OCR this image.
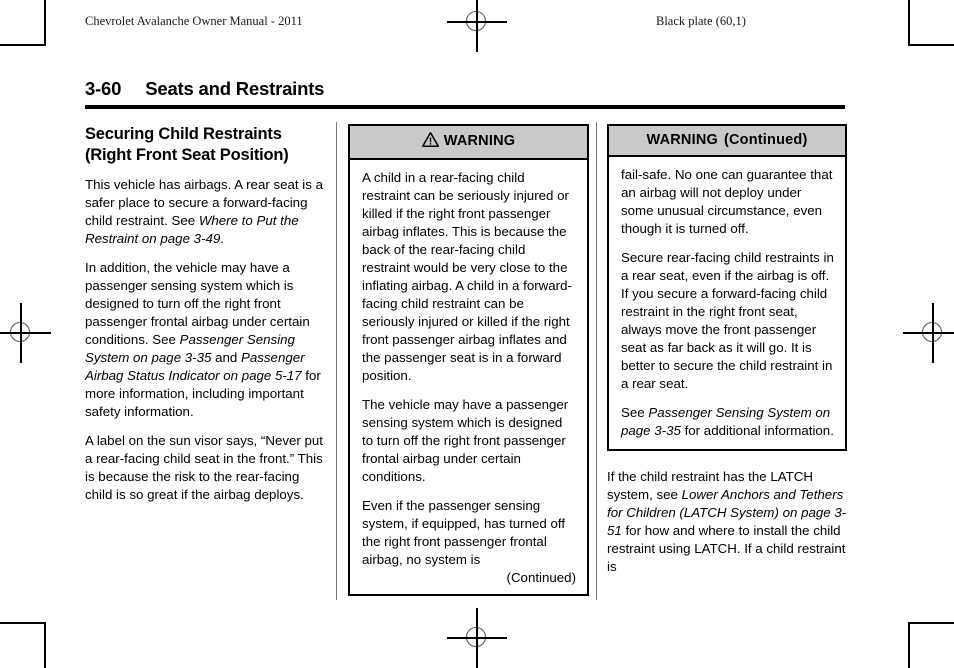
Chevrolet Avalanche Owner Manual - 2011	Black plate (60,1)
3-60 Seats and Restraints
Securing Child Restraints (Right Front Seat Position)

This vehicle has airbags. A rear seat is a safer place to secure a forward-facing child restraint. See Where to Put the Restraint on page 3-49.

In addition, the vehicle may have a passenger sensing system which is designed to turn off the right front passenger frontal airbag under certain conditions. See Passenger Sensing System on page 3-35 and Passenger Airbag Status Indicator on page 5-17 for more information, including important safety information.

A label on the sun visor says, “Never put a rear-facing child seat in the front.” This is because the risk to the rear-facing child is so great if the airbag deploys.

WARNING

A child in a rear-facing child restraint can be seriously injured or killed if the right front passenger airbag inflates. This is because the back of the rear-facing child restraint would be very close to the inflating airbag. A child in a forward-facing child restraint can be seriously injured or killed if the right front passenger airbag inflates and the passenger seat is in a forward position.

The vehicle may have a passenger sensing system which is designed to turn off the right front passenger frontal airbag under certain conditions.

Even if the passenger sensing system, if equipped, has turned off the right front passenger frontal airbag, no system is

(Continued)

WARNING (Continued)

fail-safe. No one can guarantee that an airbag will not deploy under some unusual circumstance, even though it is turned off.

Secure rear-facing child restraints in a rear seat, even if the airbag is off. If you secure a forward-facing child restraint in the right front seat, always move the front passenger seat as far back as it will go. It is better to secure the child restraint in a rear seat.

See Passenger Sensing System on page 3-35 for additional information.

If the child restraint has the LATCH system, see Lower Anchors and Tethers for Children (LATCH System) on page 3-51 for how and where to install the child restraint using LATCH. If a child restraint is
